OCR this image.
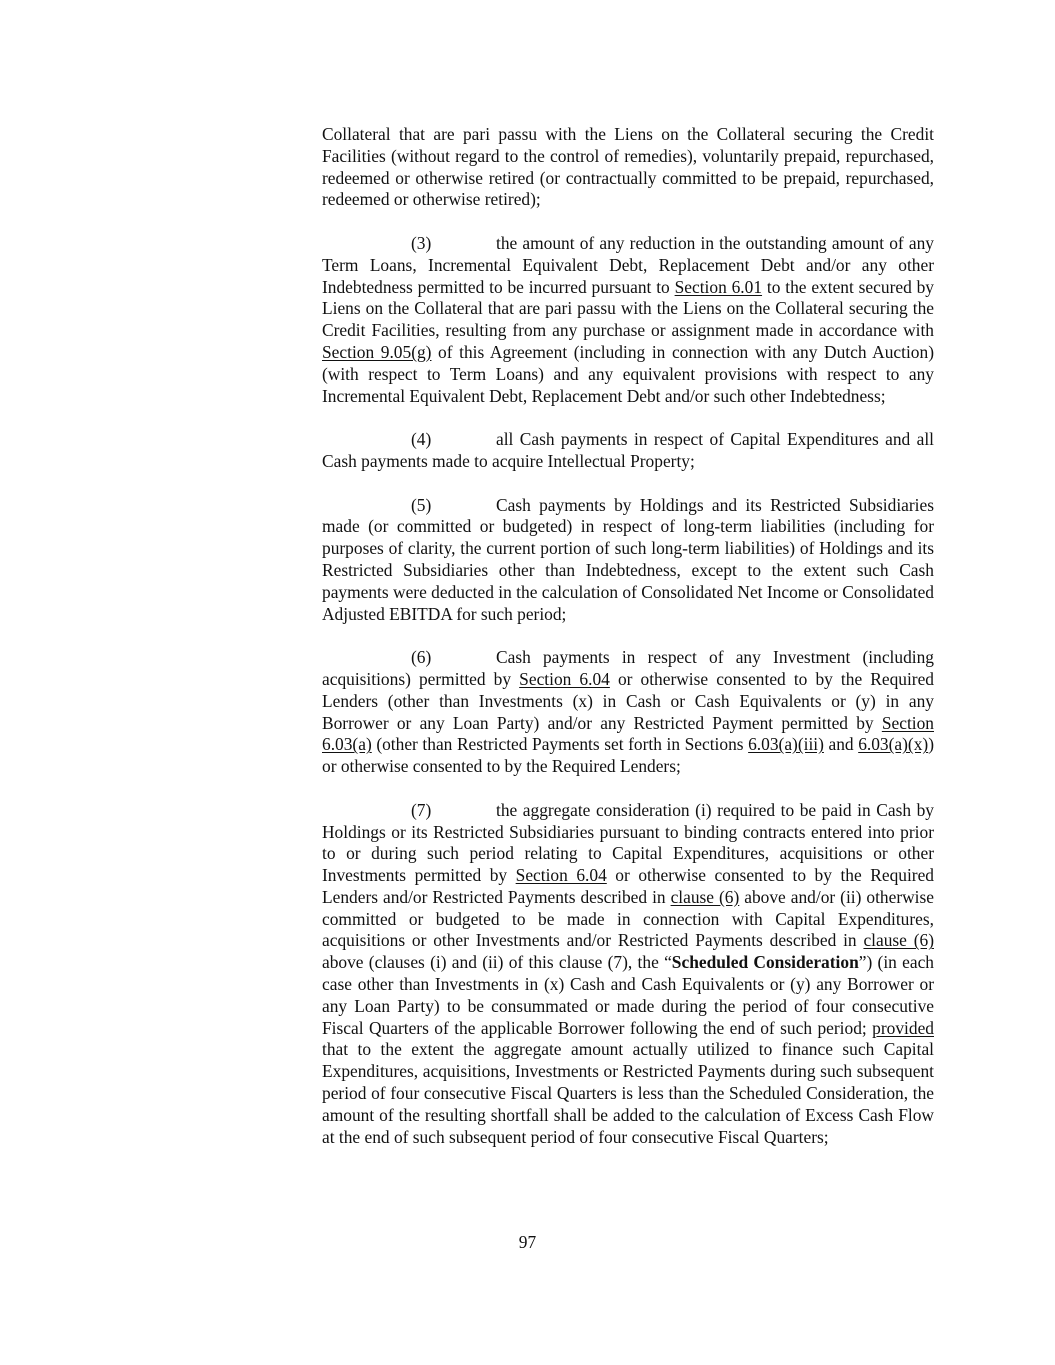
Collateral that are pari passu with the Liens on the Collateral securing the Credit Facilities (without regard to the control of remedies), voluntarily prepaid, repurchased, redeemed or otherwise retired (or contractually committed to be prepaid, repurchased, redeemed or otherwise retired);

(3)	the amount of any reduction in the outstanding amount of any Term Loans, Incremental Equivalent Debt, Replacement Debt and/or any other Indebtedness permitted to be incurred pursuant to Section 6.01 to the extent secured by Liens on the Collateral that are pari passu with the Liens on the Collateral securing the Credit Facilities, resulting from any purchase or assignment made in accordance with Section 9.05(g) of this Agreement (including in connection with any Dutch Auction) (with respect to Term Loans) and any equivalent provisions with respect to any Incremental Equivalent Debt, Replacement Debt and/or such other Indebtedness;

(4)	all Cash payments in respect of Capital Expenditures and all Cash payments made to acquire Intellectual Property;

(5)	Cash payments by Holdings and its Restricted Subsidiaries made (or committed or budgeted) in respect of long-term liabilities (including for purposes of clarity, the current portion of such long-term liabilities) of Holdings and its Restricted Subsidiaries other than Indebtedness, except to the extent such Cash payments were deducted in the calculation of Consolidated Net Income or Consolidated Adjusted EBITDA for such period;

(6)	Cash payments in respect of any Investment (including acquisitions) permitted by Section 6.04 or otherwise consented to by the Required Lenders (other than Investments (x) in Cash or Cash Equivalents or (y) in any Borrower or any Loan Party) and/or any Restricted Payment permitted by Section 6.03(a) (other than Restricted Payments set forth in Sections 6.03(a)(iii) and 6.03(a)(x)) or otherwise consented to by the Required Lenders;

(7)	the aggregate consideration (i) required to be paid in Cash by Holdings or its Restricted Subsidiaries pursuant to binding contracts entered into prior to or during such period relating to Capital Expenditures, acquisitions or other Investments permitted by Section 6.04 or otherwise consented to by the Required Lenders and/or Restricted Payments described in clause (6) above and/or (ii) otherwise committed or budgeted to be made in connection with Capital Expenditures, acquisitions or other Investments and/or Restricted Payments described in clause (6) above (clauses (i) and (ii) of this clause (7), the “Scheduled Consideration”) (in each case other than Investments in (x) Cash and Cash Equivalents or (y) any Borrower or any Loan Party) to be consummated or made during the period of four consecutive Fiscal Quarters of the applicable Borrower following the end of such period; provided that to the extent the aggregate amount actually utilized to finance such Capital Expenditures, acquisitions, Investments or Restricted Payments during such subsequent period of four consecutive Fiscal Quarters is less than the Scheduled Consideration, the amount of the resulting shortfall shall be added to the calculation of Excess Cash Flow at the end of such subsequent period of four consecutive Fiscal Quarters;

97
